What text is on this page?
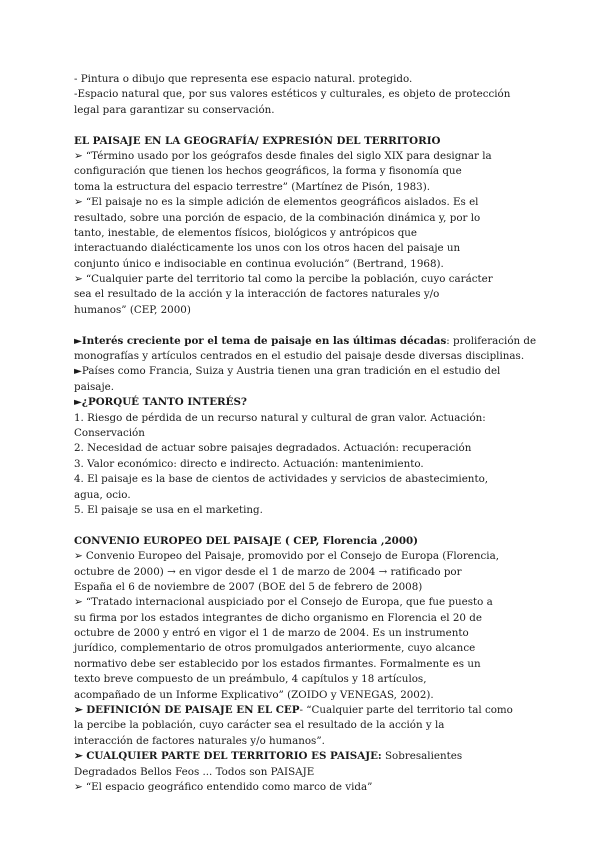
- Pintura o dibujo que representa ese espacio natural. protegido.

-Espacio natural que, por sus valores estéticos y culturales, es objeto de protección

legal para garantizar su conservación.

EL PAISAJE EN LA GEOGRAFÍA/ EXPRESIÓN DEL TERRITORIO

➢ “Término usado por los geógrafos desde finales del siglo XIX para designar la

configuración que tienen los hechos geográficos, la forma y fisonomía que

toma la estructura del espacio terrestre” (Martínez de Pisón, 1983).

➢ “El paisaje no es la simple adición de elementos geográficos aislados. Es el

resultado, sobre una porción de espacio, de la combinación dinámica y, por lo

tanto, inestable, de elementos físicos, biológicos y antrópicos que

interactuando dialécticamente los unos con los otros hacen del paisaje un

conjunto único e indisociable en continua evolución” (Bertrand, 1968).

➢ “Cualquier parte del territorio tal como la percibe la población, cuyo carácter

sea el resultado de la acción y la interacción de factores naturales y/o

humanos” (CEP, 2000)

►Interés creciente por el tema de paisaje en las últimas décadas: proliferación de

monografías y artículos centrados en el estudio del paisaje desde diversas disciplinas.

►Países como Francia, Suiza y Austria tienen una gran tradición en el estudio del

paisaje.

►¿PORQUÉ TANTO INTERÉS?

1. Riesgo de pérdida de un recurso natural y cultural de gran valor. Actuación:

Conservación

2. Necesidad de actuar sobre paisajes degradados. Actuación: recuperación

3. Valor económico: directo e indirecto. Actuación: mantenimiento.

4. El paisaje es la base de cientos de actividades y servicios de abastecimiento,

agua, ocio.

5. El paisaje se usa en el marketing.

CONVENIO EUROPEO DEL PAISAJE ( CEP, Florencia ,2000)

➢ Convenio Europeo del Paisaje, promovido por el Consejo de Europa (Florencia,

octubre de 2000) → en vigor desde el 1 de marzo de 2004 → ratificado por

España el 6 de noviembre de 2007 (BOE del 5 de febrero de 2008)

➢ “Tratado internacional auspiciado por el Consejo de Europa, que fue puesto a

su firma por los estados integrantes de dicho organismo en Florencia el 20 de

octubre de 2000 y entró en vigor el 1 de marzo de 2004. Es un instrumento

jurídico, complementario de otros promulgados anteriormente, cuyo alcance

normativo debe ser establecido por los estados firmantes. Formalmente es un

texto breve compuesto de un preámbulo, 4 capítulos y 18 artículos,

acompañado de un Informe Explicativo” (ZOIDO y VENEGAS, 2002).

➢ DEFINICIÓN DE PAISAJE EN EL CEP- “Cualquier parte del territorio tal como

la percibe la población, cuyo carácter sea el resultado de la acción y la

interacción de factores naturales y/o humanos”.

➢ CUALQUIER PARTE DEL TERRITORIO ES PAISAJE: Sobresalientes

Degradados Bellos Feos ... Todos son PAISAJE

➢ “El espacio geográfico entendido como marco de vida”
